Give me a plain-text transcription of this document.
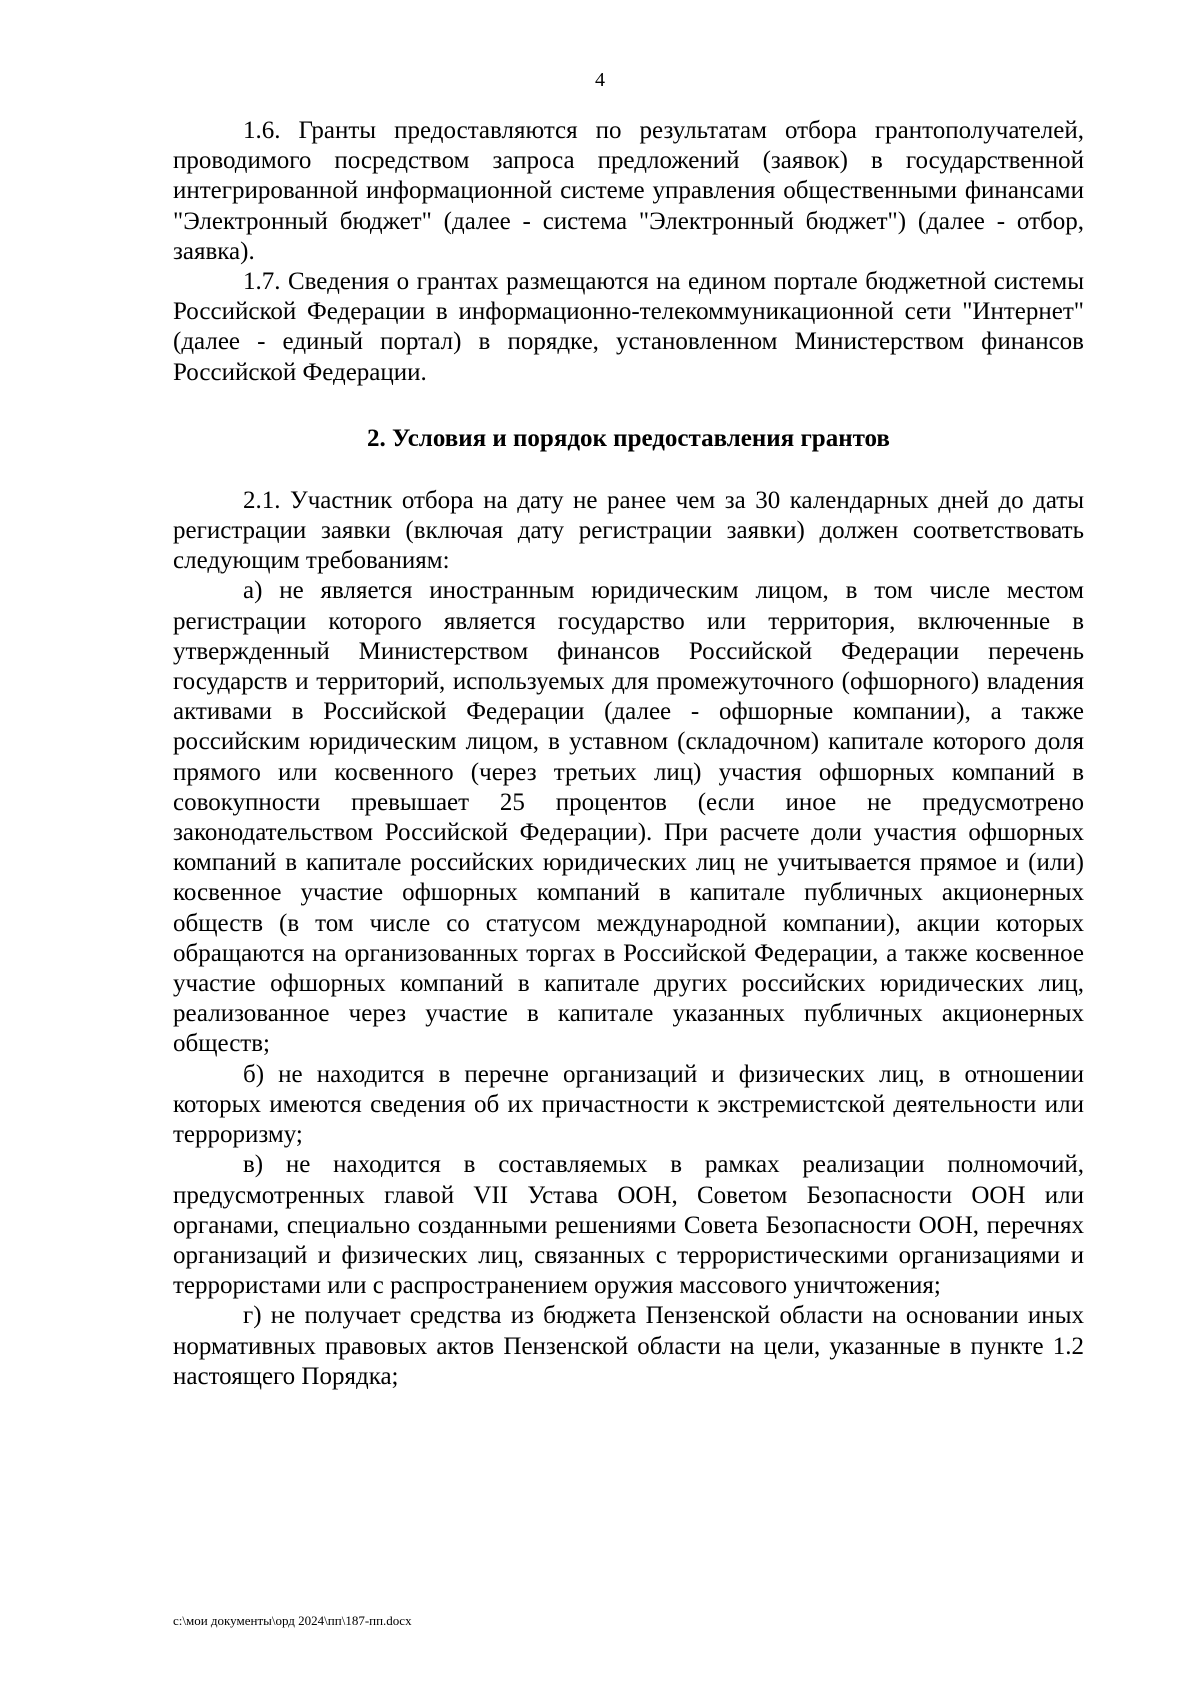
4

1.6. Гранты предоставляются по результатам отбора грантополучателей, проводимого посредством запроса предложений (заявок) в государственной интегрированной информационной системе управления общественными финансами "Электронный бюджет" (далее - система "Электронный бюджет") (далее - отбор, заявка).

1.7. Сведения о грантах размещаются на едином портале бюджетной системы Российской Федерации в информационно-телекоммуникационной сети "Интернет" (далее - единый портал) в порядке, установленном Министерством финансов Российской Федерации.

2. Условия и порядок предоставления грантов

2.1. Участник отбора на дату не ранее чем за 30 календарных дней до даты регистрации заявки (включая дату регистрации заявки) должен соответствовать следующим требованиям:

а) не является иностранным юридическим лицом, в том числе местом регистрации которого является государство или территория, включенные в утвержденный Министерством финансов Российской Федерации перечень государств и территорий, используемых для промежуточного (офшорного) владения активами в Российской Федерации (далее - офшорные компании), а также российским юридическим лицом, в уставном (складочном) капитале которого доля прямого или косвенного (через третьих лиц) участия офшорных компаний в совокупности превышает 25 процентов (если иное не предусмотрено законодательством Российской Федерации). При расчете доли участия офшорных компаний в капитале российских юридических лиц не учитывается прямое и (или) косвенное участие офшорных компаний в капитале публичных акционерных обществ (в том числе со статусом международной компании), акции которых обращаются на организованных торгах в Российской Федерации, а также косвенное участие офшорных компаний в капитале других российских юридических лиц, реализованное через участие в капитале указанных публичных акционерных обществ;

б) не находится в перечне организаций и физических лиц, в отношении которых имеются сведения об их причастности к экстремистской деятельности или терроризму;

в) не находится в составляемых в рамках реализации полномочий, предусмотренных главой VII Устава ООН, Советом Безопасности ООН или органами, специально созданными решениями Совета Безопасности ООН, перечнях организаций и физических лиц, связанных с террористическими организациями и террористами или с распространением оружия массового уничтожения;

г) не получает средства из бюджета Пензенской области на основании иных нормативных правовых актов Пензенской области на цели, указанные в пункте 1.2 настоящего Порядка;

c:\мои документы\орд 2024\пп\187-пп.docx
